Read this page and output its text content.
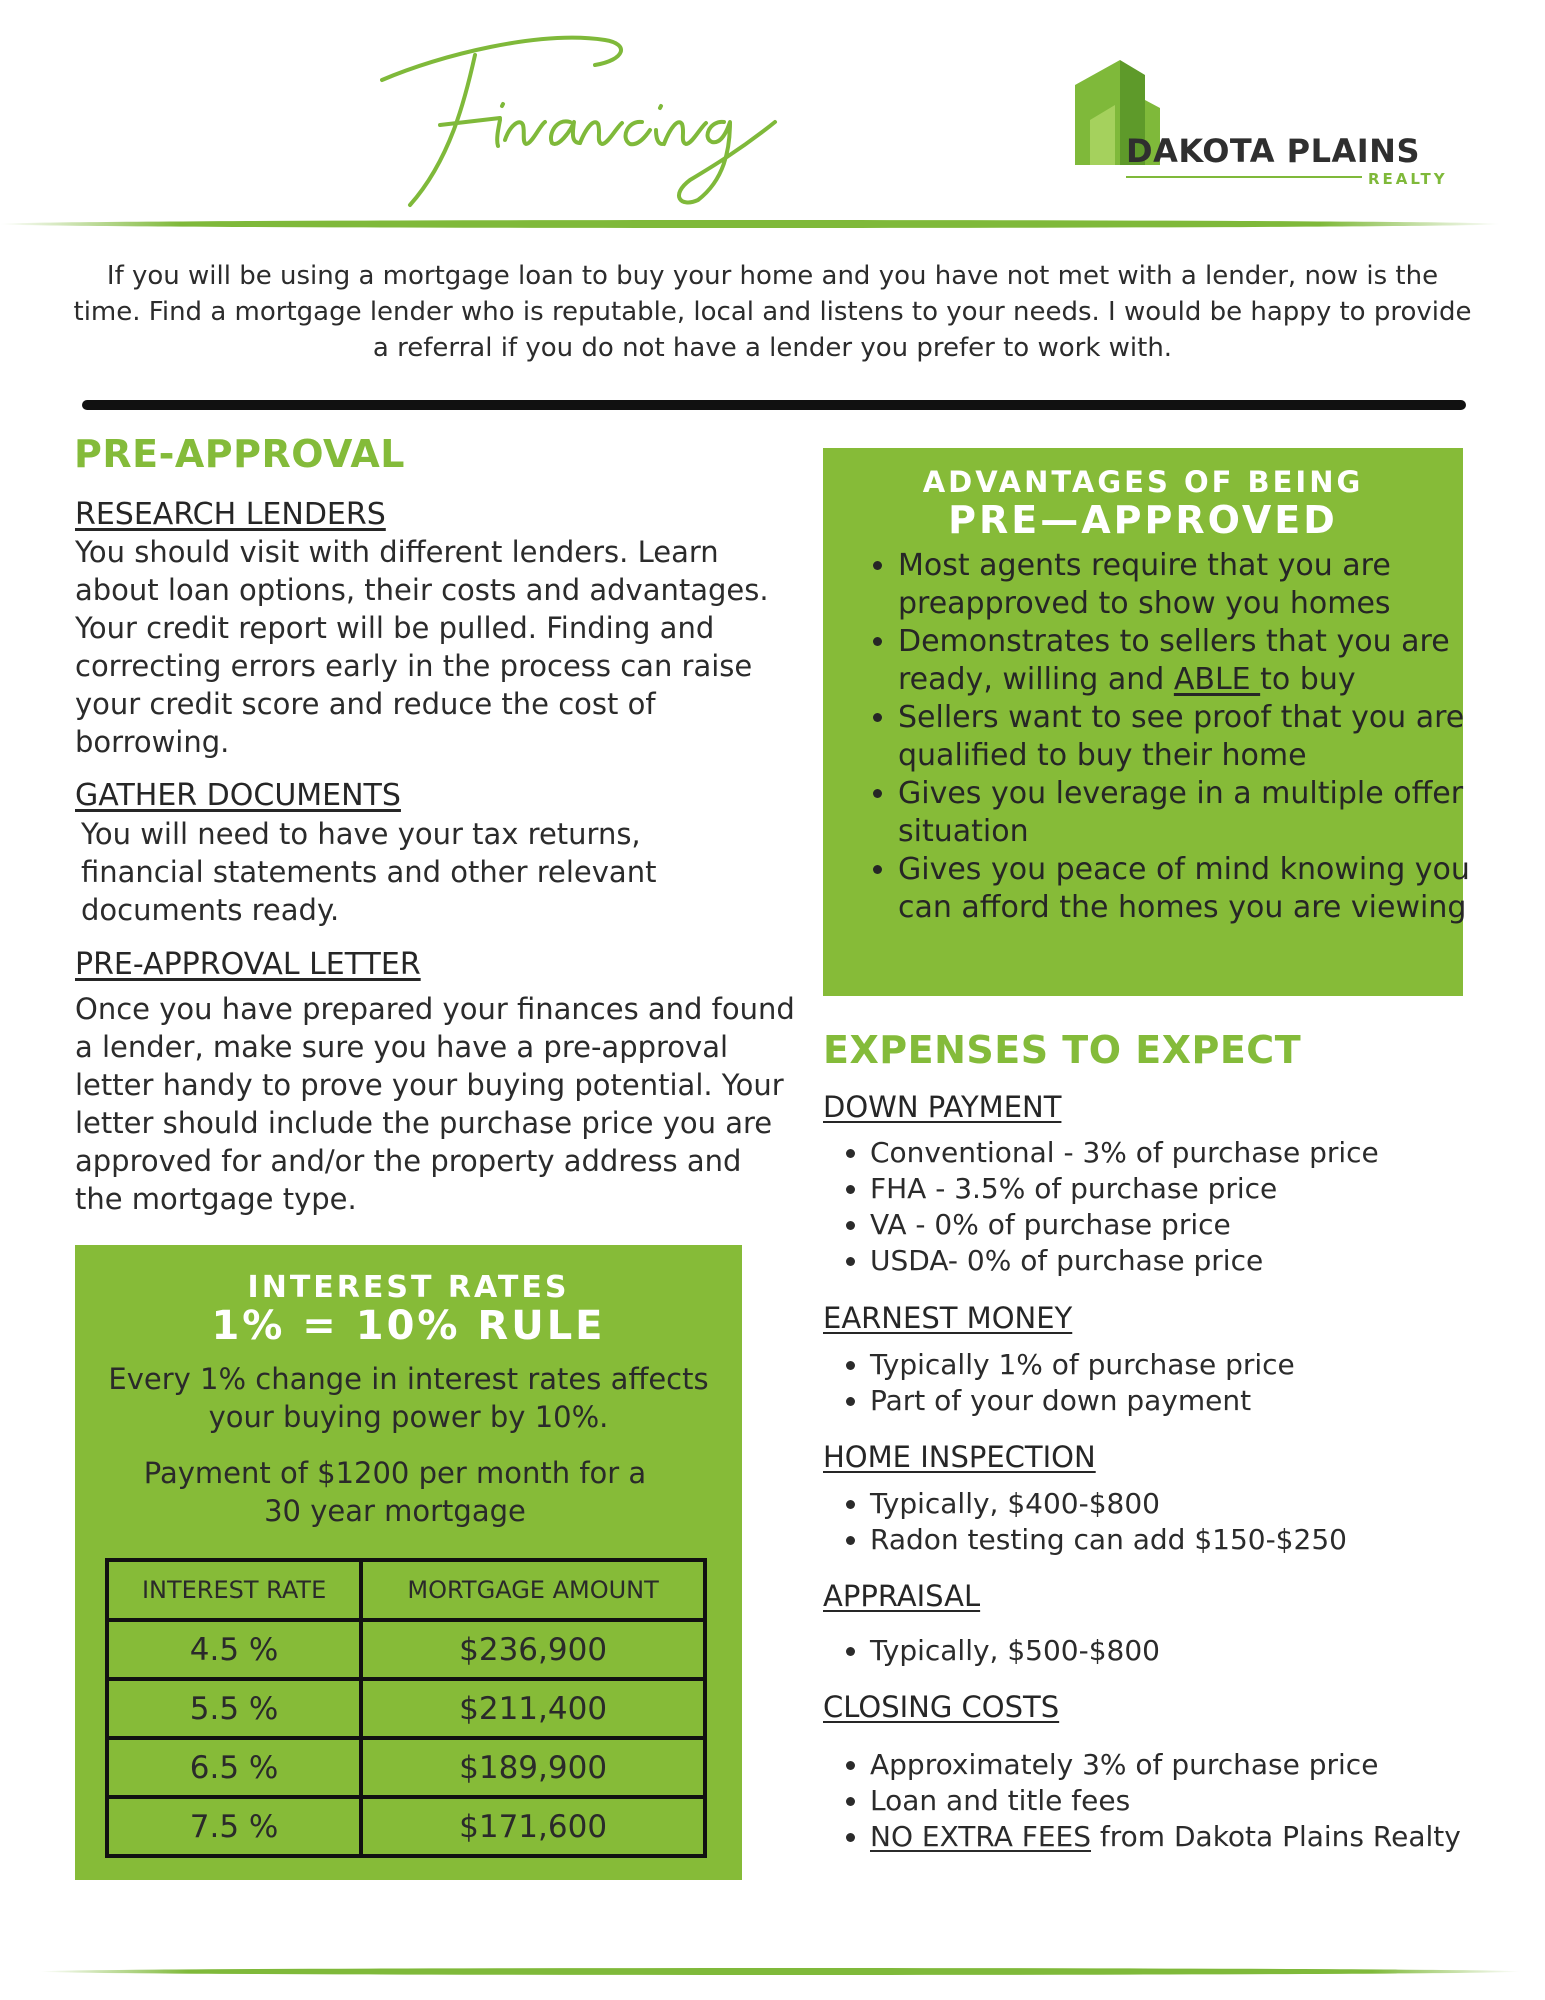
DAKOTA PLAINS
REALTY
If you will be using a mortgage loan to buy your home and you have not met with a lender, now is the time. Find a mortgage lender who is reputable, local and listens to your needs. I would be happy to provide a referral if you do not have a lender you prefer to work with.
PRE-APPROVAL
RESEARCH LENDERS
You should visit with different lenders. Learn about loan options, their costs and advantages. Your credit report will be pulled. Finding and correcting errors early in the process can raise your credit score and reduce the cost of borrowing.
GATHER DOCUMENTS
You will need to have your tax returns, financial statements and other relevant documents ready.
PRE-APPROVAL LETTER
Once you have prepared your finances and found a lender, make sure you have a pre-approval letter handy to prove your buying potential. Your letter should include the purchase price you are approved for and/or the property address and the mortgage type.
INTEREST RATES
1% = 10% RULE
Every 1% change in interest rates affects your buying power by 10%.
Payment of $1200 per month for a 30 year mortgage
INTEREST RATE	MORTGAGE AMOUNT
4.5 %	$236,900
5.5 %	$211,400
6.5 %	$189,900
7.5 %	$171,600
ADVANTAGES OF BEING
PRE—APPROVED
• Most agents require that you are preapproved to show you homes
• Demonstrates to sellers that you are ready, willing and ABLE to buy
• Sellers want to see proof that you are qualified to buy their home
• Gives you leverage in a multiple offer situation
• Gives you peace of mind knowing you can afford the homes you are viewing
EXPENSES TO EXPECT
DOWN PAYMENT
• Conventional - 3% of purchase price
• FHA - 3.5% of purchase price
• VA - 0% of purchase price
• USDA- 0% of purchase price
EARNEST MONEY
• Typically 1% of purchase price
• Part of your down payment
HOME INSPECTION
• Typically, $400-$800
• Radon testing can add $150-$250
APPRAISAL
• Typically, $500-$800
CLOSING COSTS
• Approximately 3% of purchase price
• Loan and title fees
• NO EXTRA FEES from Dakota Plains Realty
